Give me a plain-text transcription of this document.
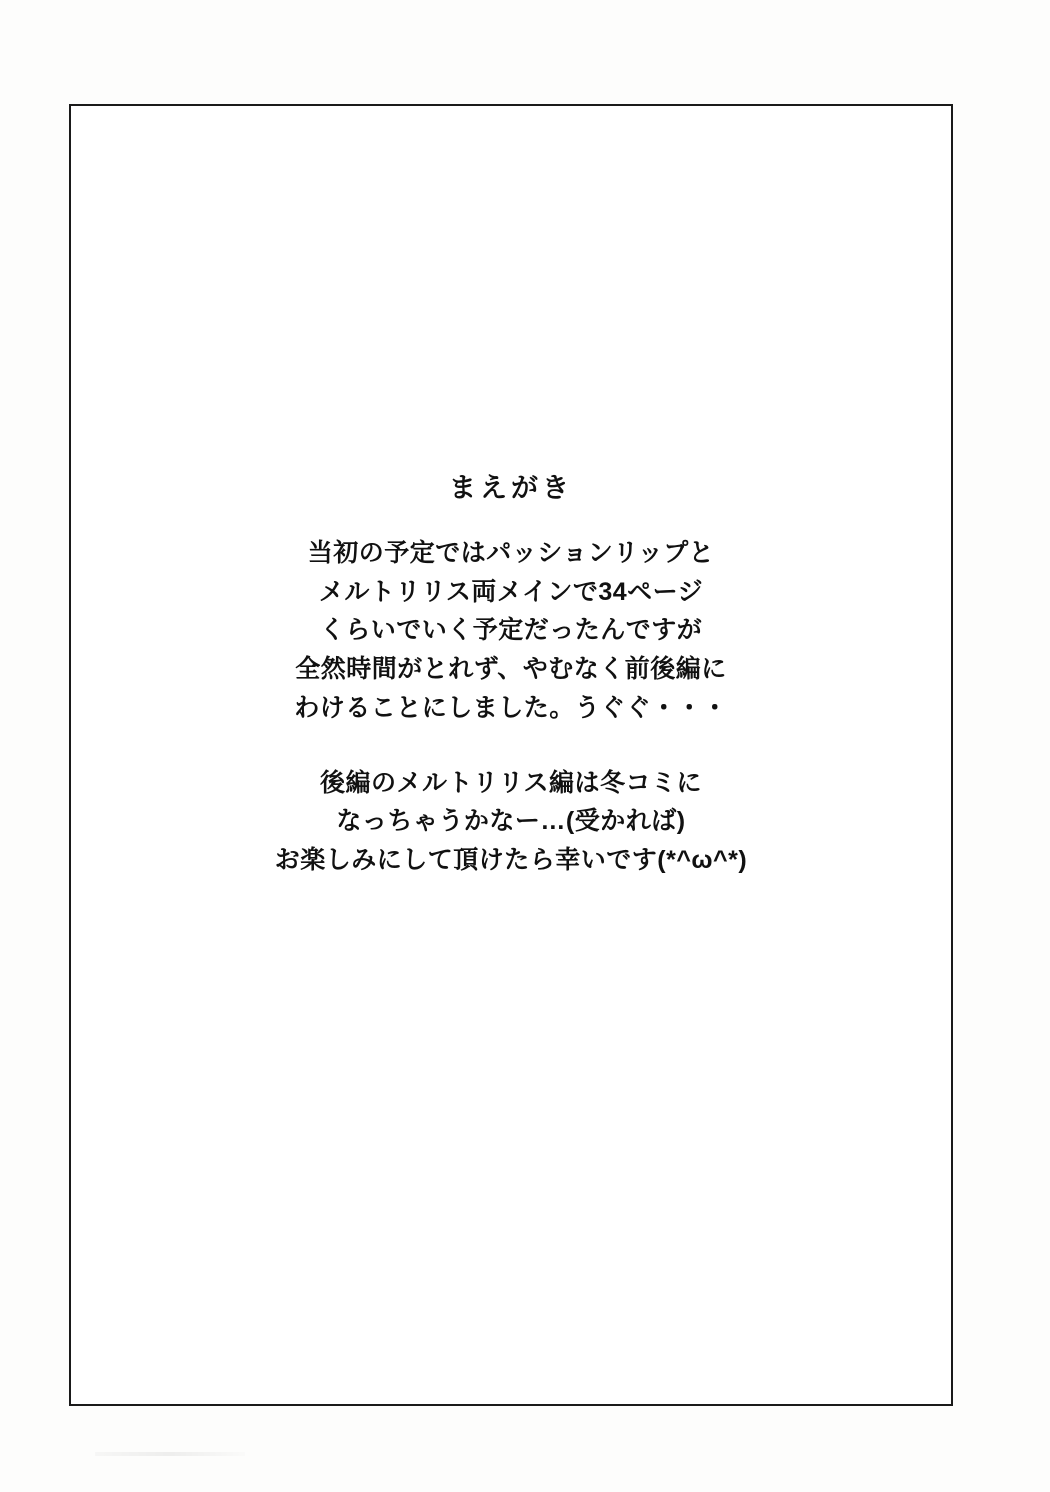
まえがき
当初の予定ではパッションリップと
メルトリリス両メインで34ページ
くらいでいく予定だったんですが
全然時間がとれず、やむなく前後編に
わけることにしました。うぐぐ・・・
後編のメルトリリス編は冬コミに
なっちゃうかなー…(受かれば)
お楽しみにして頂けたら幸いです(*^ω^*)
